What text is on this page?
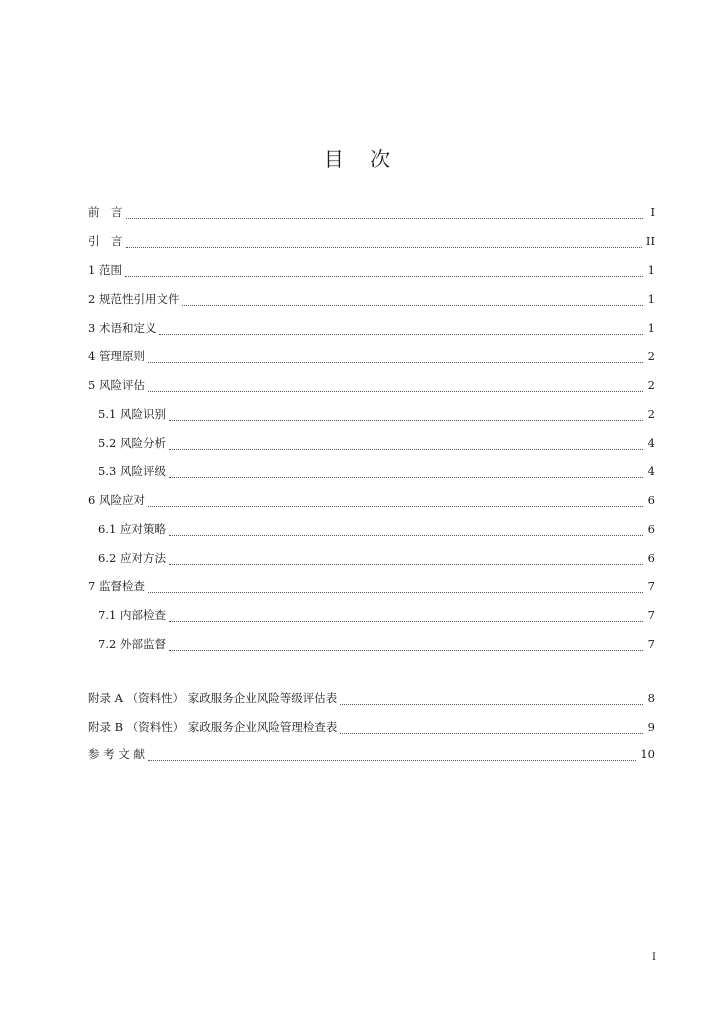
目 次
前　言	I
引　言	II
1 范围	1
2 规范性引用文件	1
3 术语和定义	1
4 管理原则	2
5 风险评估	2
5.1 风险识别	2
5.2 风险分析	4
5.3 风险评级	4
6 风险应对	6
6.1 应对策略	6
6.2 应对方法	6
7 监督检查	7
7.1 内部检查	7
7.2 外部监督	7
附录 A （资料性） 家政服务企业风险等级评估表	8
附录 B （资料性） 家政服务企业风险管理检查表	9
参 考 文 献	10
I
